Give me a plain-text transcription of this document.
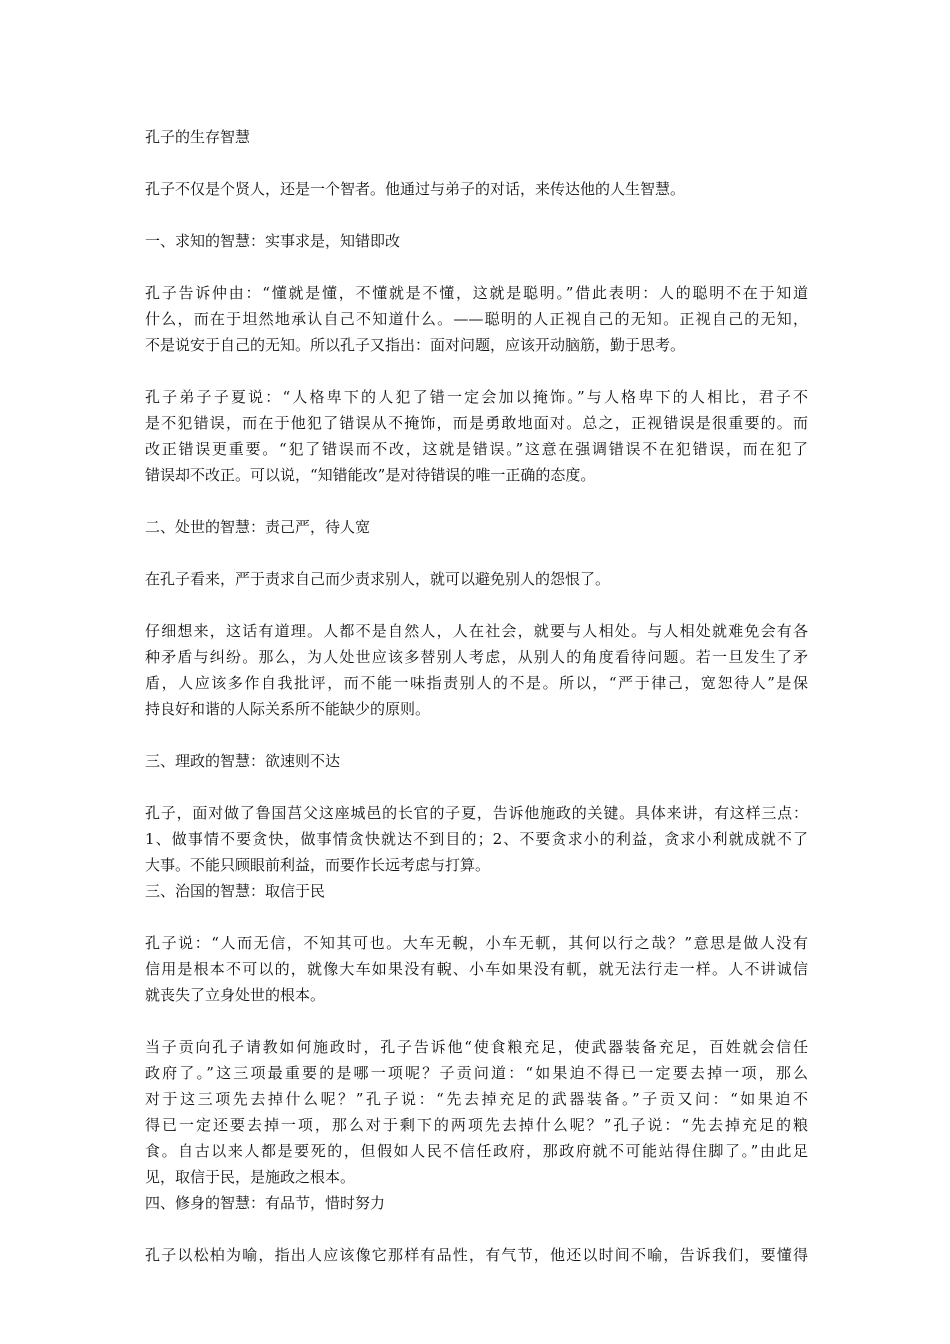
孔子的生存智慧
孔子不仅是个贤人，还是一个智者。他通过与弟子的对话，来传达他的人生智慧。
一、求知的智慧：实事求是，知错即改
孔子告诉仲由：“懂就是懂，不懂就是不懂，这就是聪明。”借此表明：人的聪明不在于知道
什么，而在于坦然地承认自己不知道什么。——聪明的人正视自己的无知。正视自己的无知，
不是说安于自己的无知。所以孔子又指出：面对问题，应该开动脑筋，勤于思考。
孔子弟子子夏说：“人格卑下的人犯了错一定会加以掩饰。”与人格卑下的人相比，君子不
是不犯错误，而在于他犯了错误从不掩饰，而是勇敢地面对。总之，正视错误是很重要的。而
改正错误更重要。“犯了错误而不改，这就是错误。”这意在强调错误不在犯错误，而在犯了
错误却不改正。可以说，“知错能改”是对待错误的唯一正确的态度。
二、处世的智慧：责己严，待人宽
在孔子看来，严于责求自己而少责求别人，就可以避免别人的怨恨了。
仔细想来，这话有道理。人都不是自然人，人在社会，就要与人相处。与人相处就难免会有各
种矛盾与纠纷。那么，为人处世应该多替别人考虑，从别人的角度看待问题。若一旦发生了矛
盾，人应该多作自我批评，而不能一味指责别人的不是。所以，“严于律己，宽恕待人”是保
持良好和谐的人际关系所不能缺少的原则。
三、理政的智慧：欲速则不达
孔子，面对做了鲁国莒父这座城邑的长官的子夏，告诉他施政的关键。具体来讲，有这样三点：
1、做事情不要贪快，做事情贪快就达不到目的；2、不要贪求小的利益，贪求小利就成就不了
大事。不能只顾眼前利益，而要作长远考虑与打算。
三、治国的智慧：取信于民
孔子说：“人而无信，不知其可也。大车无輗，小车无軏，其何以行之哉？”意思是做人没有
信用是根本不可以的，就像大车如果没有輗、小车如果没有軏，就无法行走一样。人不讲诚信
就丧失了立身处世的根本。
当子贡向孔子请教如何施政时，孔子告诉他“使食粮充足，使武器装备充足，百姓就会信任
政府了。”这三项最重要的是哪一项呢？子贡问道：“如果迫不得已一定要去掉一项，那么
对于这三项先去掉什么呢？”孔子说：“先去掉充足的武器装备。”子贡又问：“如果迫不
得已一定还要去掉一项，那么对于剩下的两项先去掉什么呢？”孔子说：“先去掉充足的粮
食。自古以来人都是要死的，但假如人民不信任政府，那政府就不可能站得住脚了。”由此足
见，取信于民，是施政之根本。
四、修身的智慧：有品节，惜时努力
孔子以松柏为喻，指出人应该像它那样有品性，有气节，他还以时间不喻，告诉我们，要懂得
